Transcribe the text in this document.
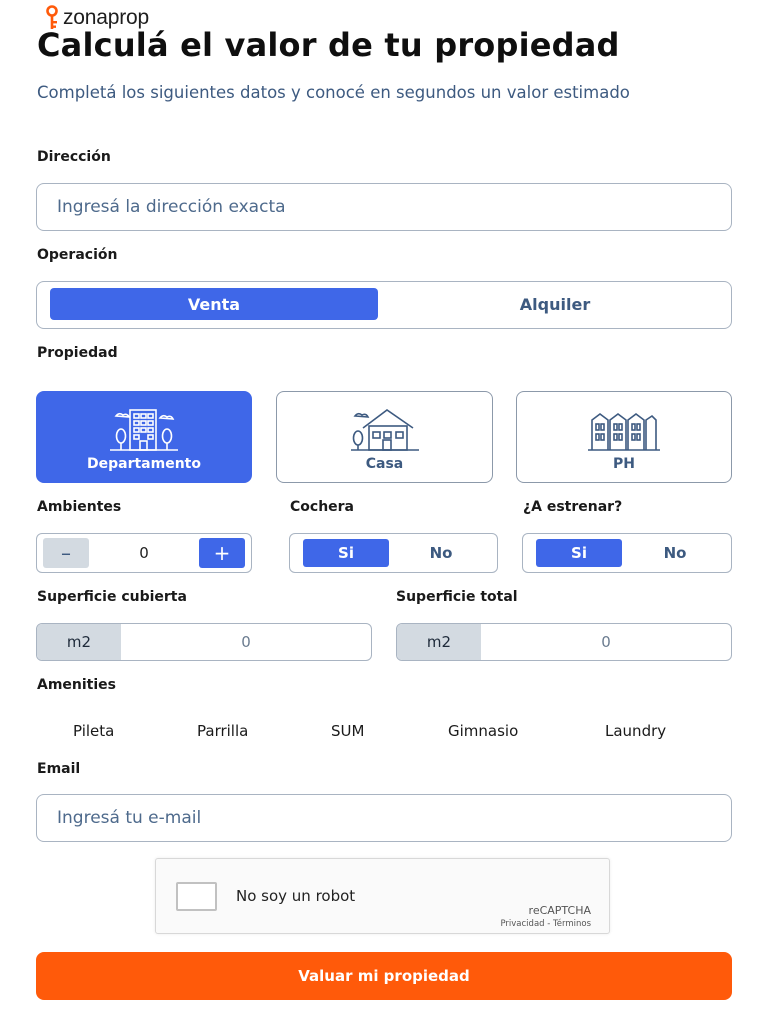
zonaprop
Calculá el valor de tu propiedad

Completá los siguientes datos y conocé en segundos un valor estimado

Dirección
Ingresá la dirección exacta
Operación
Venta	Alquiler
Propiedad
Departamento	Casa	PH
Ambientes	Cochera	¿A estrenar?
–	0	+	Si	No	Si	No
Superficie cubierta	Superficie total
m2	0	m2	0
Amenities
Pileta	Parrilla	SUM	Gimnasio	Laundry
Email
Ingresá tu e-mail
No soy un robot
reCAPTCHA
Privacidad - Términos
Valuar mi propiedad
